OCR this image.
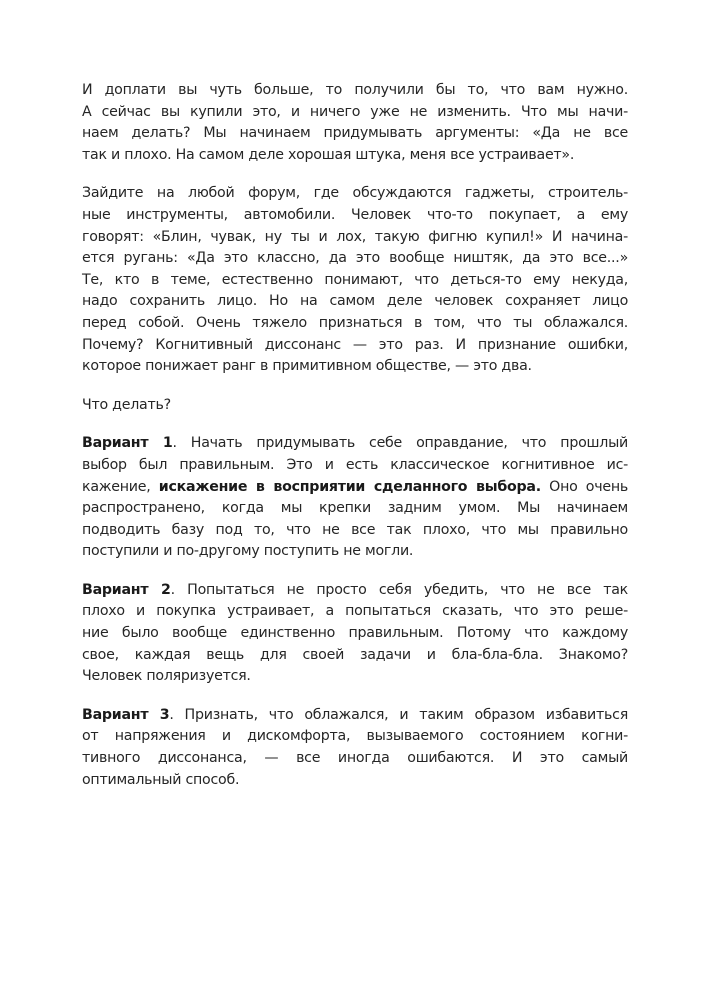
И доплати вы чуть больше, то получили бы то, что вам нужно.
А сейчас вы купили это, и ничего уже не изменить. Что мы начи-
наем делать? Мы начинаем придумывать аргументы: «Да не все
так и плохо. На самом деле хорошая штука, меня все устраивает».

Зайдите на любой форум, где обсуждаются гаджеты, строитель-
ные инструменты, автомобили. Человек что-то покупает, а ему
говорят: «Блин, чувак, ну ты и лох, такую фигню купил!» И начина-
ется ругань: «Да это классно, да это вообще ништяк, да это все...»
Те, кто в теме, естественно понимают, что деться-то ему некуда,
надо сохранить лицо. Но на самом деле человек сохраняет лицо
перед собой. Очень тяжело признаться в том, что ты облажался.
Почему? Когнитивный диссонанс — это раз. И признание ошибки,
которое понижает ранг в примитивном обществе, — это два.

Что делать?

Вариант 1. Начать придумывать себе оправдание, что прошлый
выбор был правильным. Это и есть классическое когнитивное ис-
кажение, искажение в восприятии сделанного выбора. Оно очень
распространено, когда мы крепки задним умом. Мы начинаем
подводить базу под то, что не все так плохо, что мы правильно
поступили и по-другому поступить не могли.

Вариант 2. Попытаться не просто себя убедить, что не все так
плохо и покупка устраивает, а попытаться сказать, что это реше-
ние было вообще единственно правильным. Потому что каждому
свое, каждая вещь для своей задачи и бла-бла-бла. Знакомо?
Человек поляризуется.

Вариант 3. Признать, что облажался, и таким образом избавиться
от напряжения и дискомфорта, вызываемого состоянием когни-
тивного диссонанса, — все иногда ошибаются. И это самый
оптимальный способ.
